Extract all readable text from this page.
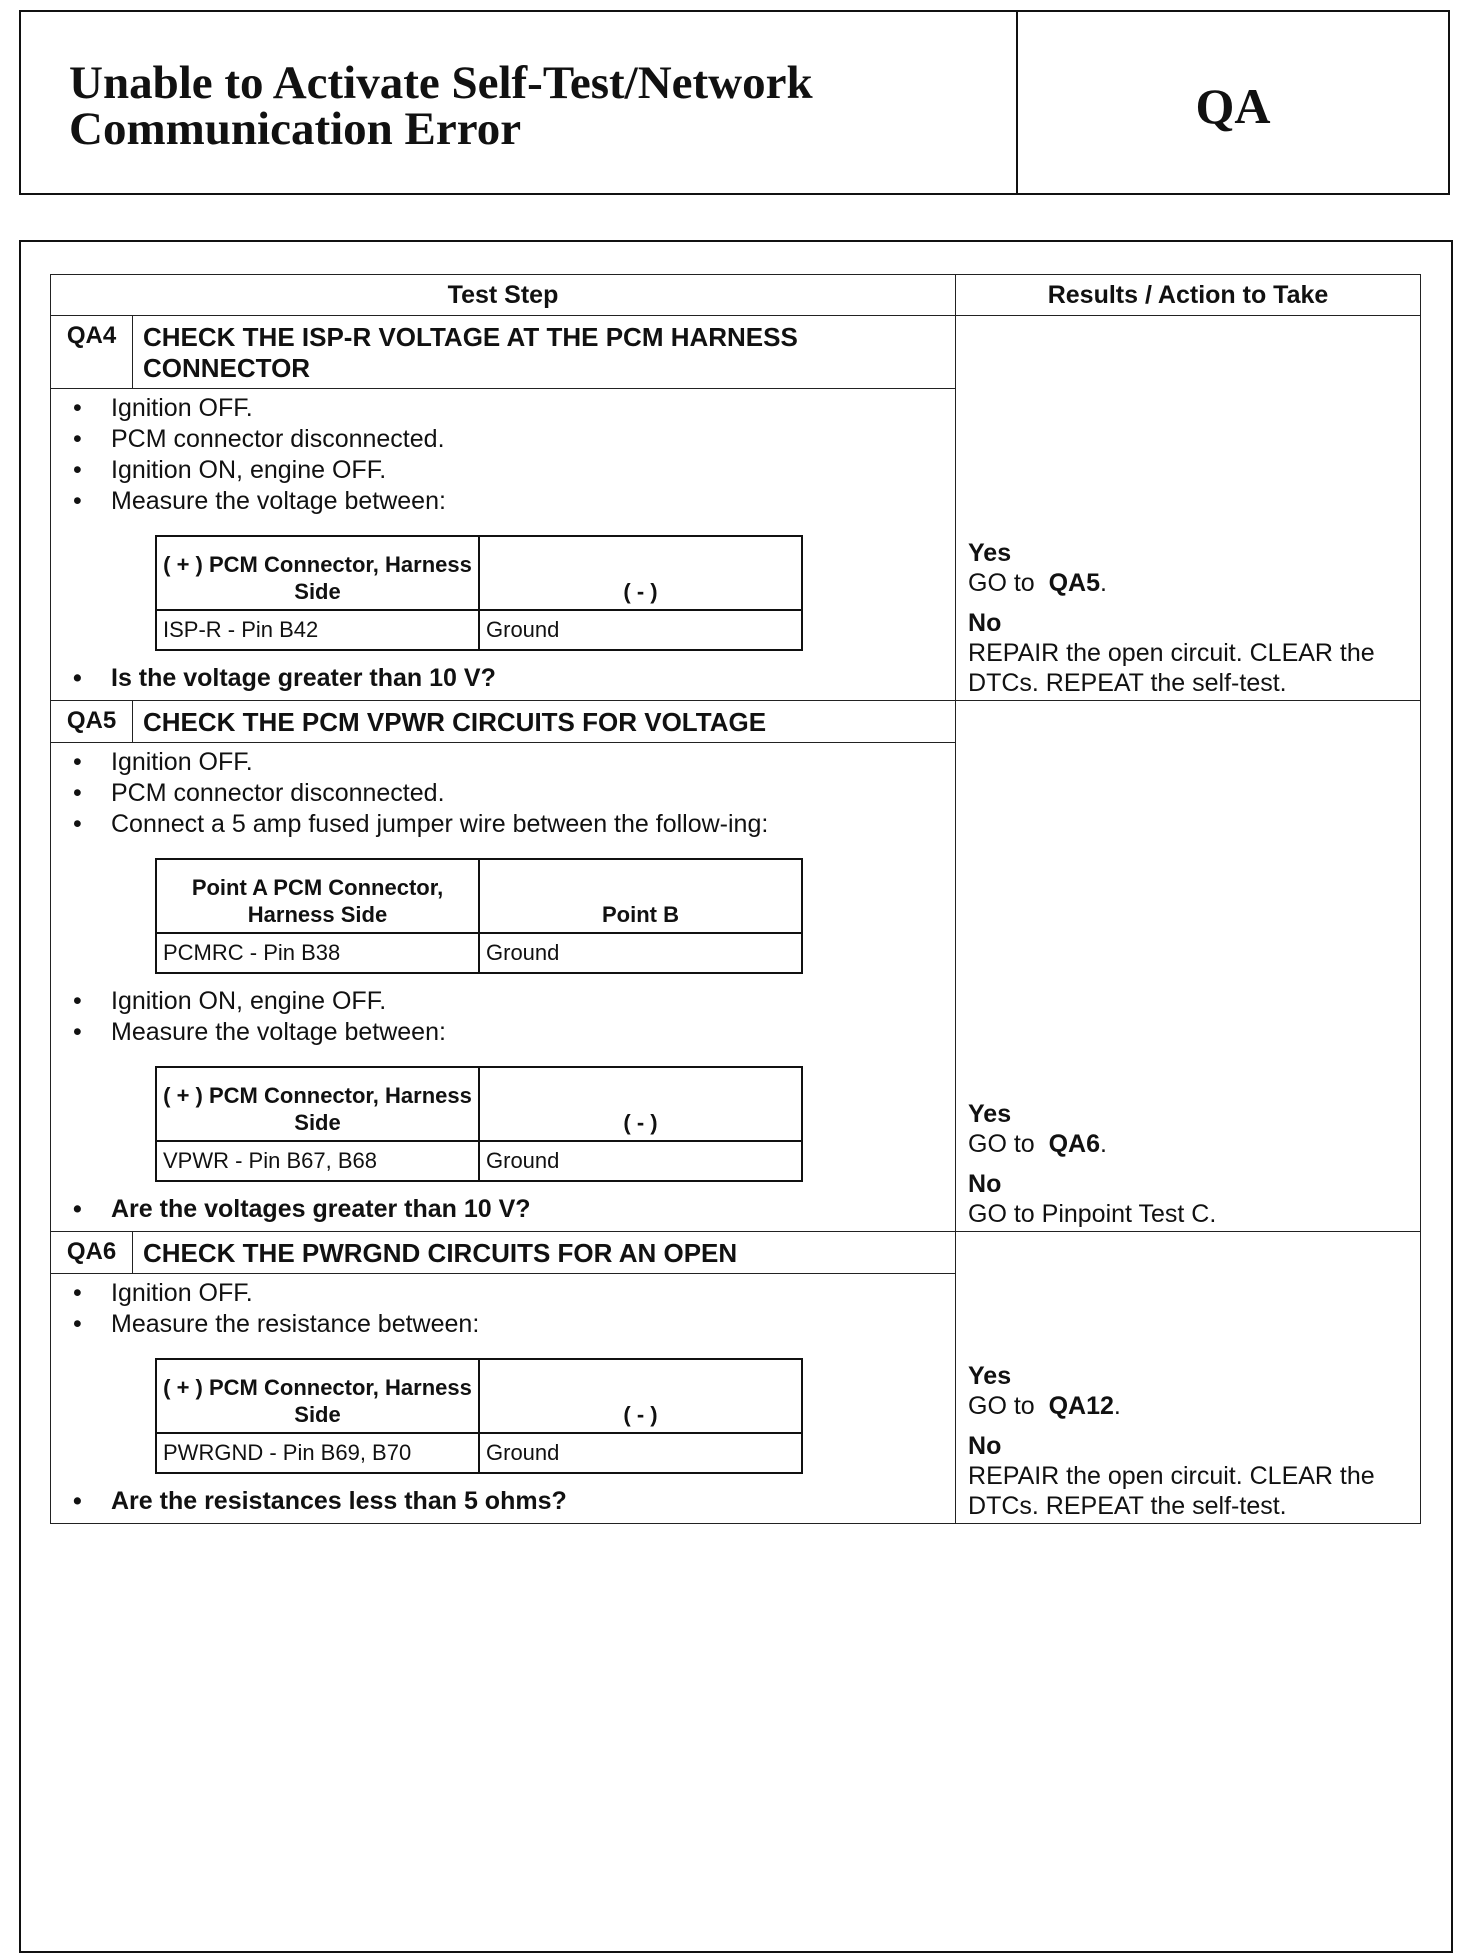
Unable to Activate Self-Test/Network
Communication Error	QA
Test Step	Results / Action to Take
QA4	CHECK THE ISP-R VOLTAGE AT THE PCM HARNESS CONNECTOR	
Yes
GO to QA5.
No
REPAIR the open circuit. CLEAR the DTCs. REPEAT the self-test.

• Ignition OFF.
• PCM connector disconnected.
• Ignition ON, engine OFF.
• Measure the voltage between:
( + ) PCM Connector, Harness Side	( - )
ISP-R - Pin B42	Ground
• Is the voltage greater than 10 V?

QA5	CHECK THE PCM VPWR CIRCUITS FOR VOLTAGE	
Yes
GO to QA6.
No
GO to Pinpoint Test C.

• Ignition OFF.
• PCM connector disconnected.
• Connect a 5 amp fused jumper wire between the follow-ing:
Point A PCM Connector, Harness Side	Point B
PCMRC - Pin B38	Ground
• Ignition ON, engine OFF.
• Measure the voltage between:
( + ) PCM Connector, Harness Side	( - )
VPWR - Pin B67, B68	Ground
• Are the voltages greater than 10 V?

QA6	CHECK THE PWRGND CIRCUITS FOR AN OPEN	
Yes
GO to QA12.
No
REPAIR the open circuit. CLEAR the DTCs. REPEAT the self-test.

• Ignition OFF.
• Measure the resistance between:
( + ) PCM Connector, Harness Side	( - )
PWRGND - Pin B69, B70	Ground
• Are the resistances less than 5 ohms?
